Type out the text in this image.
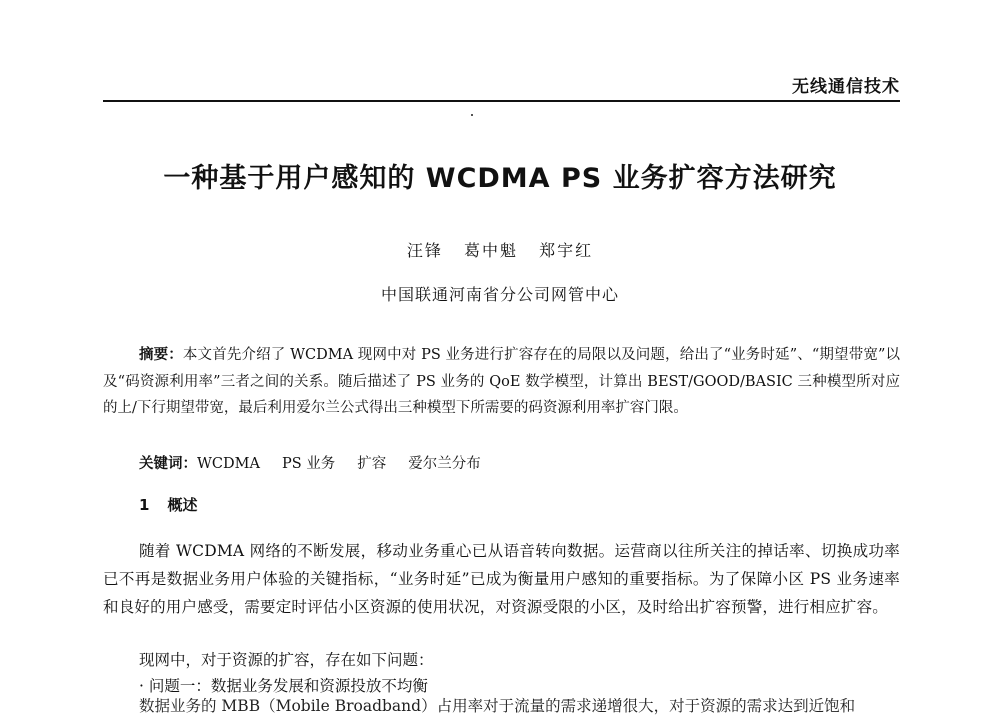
无线通信技术
一种基于用户感知的 WCDMA PS 业务扩容方法研究
汪锋 葛中魁 郑宇红
中国联通河南省分公司网管中心
摘要：本文首先介绍了 WCDMA 现网中对 PS 业务进行扩容存在的局限以及问题，给出了“业务时延”、“期望带宽”以及“码资源利用率”三者之间的关系。随后描述了 PS 业务的 QoE 数学模型，计算出 BEST/GOOD/BASIC 三种模型所对应的上/下行期望带宽，最后利用爱尔兰公式得出三种模型下所需要的码资源利用率扩容门限。
关键词：WCDMA PS 业务 扩容 爱尔兰分布
1 概述
随着 WCDMA 网络的不断发展，移动业务重心已从语音转向数据。运营商以往所关注的掉话率、切换成功率已不再是数据业务用户体验的关键指标，“业务时延”已成为衡量用户感知的重要指标。为了保障小区 PS 业务速率和良好的用户感受，需要定时评估小区资源的使用状况，对资源受限的小区，及时给出扩容预警，进行相应扩容。
现网中，对于资源的扩容，存在如下问题：
· 问题一：数据业务发展和资源投放不均衡
数据业务的 MBB（Mobile Broadband）占用率对于流量的需求递增很大，对于资源的需求达到近饱和
